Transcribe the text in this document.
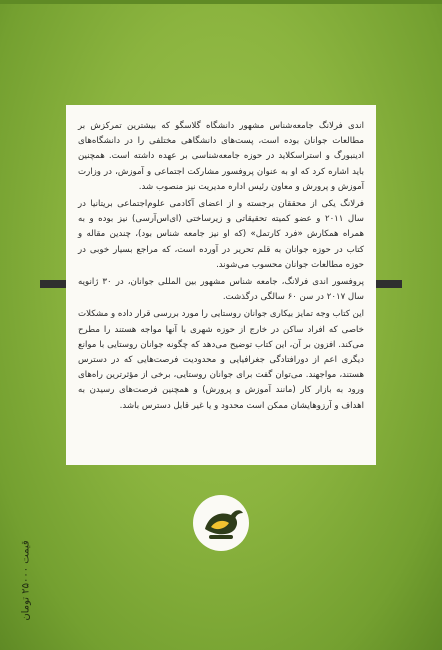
اندی فرلانگ جامعه‌شناس مشهور دانشگاه گلاسگو که بیشترین تمرکزش بر مطالعات جوانان بوده است، پست‌های دانشگاهی مختلفی را در دانشگاه‌های ادینبورگ و استراسکلاید در حوزه جامعه‌شناسی بر عهده داشته است. همچنین باید اشاره کرد که او به عنوان پروفسور مشارکت اجتماعی و آموزش، در وزارت آموزش و پرورش و معاون رئیس اداره مدیریت نیز منصوب شد.

فرلانگ یکی از محققان برجسته و از اعضای آکادمی علوم‌اجتماعی بریتانیا در سال ۲۰۱۱ و عضو کمیته تحقیقاتی و زیرساختی (ای‌اس‌آرسی) نیز بوده و به همراه همکارش «فرد کارتمل» (که او نیز جامعه شناس بود)، چندین مقاله و کتاب در حوزه جوانان به قلم تحریر در آورده است، که مراجع بسیار خوبی در حوزه مطالعات جوانان محسوب می‌شوند.

پروفسور اندی فرلانگ، جامعه شناس مشهور بین المللی جوانان، در ۳۰ ژانویه سال ۲۰۱۷ در سن ۶۰ سالگی درگذشت.

این کتاب وجه تمایز بیکاری جوانان روستایی را مورد بررسی قرار داده و مشکلات خاصی که افراد ساکن در خارج از حوزه شهری با آنها مواجه هستند را مطرح می‌کند. افزون بر آن، این کتاب توضیح می‌دهد که چگونه جوانان روستایی با موانع دیگری اعم از دورافتادگی جغرافیایی و محدودیت فرصت‌هایی که در دسترس هستند، مواجهند. می‌توان گفت برای جوانان روستایی، برخی از مؤثرترین راه‌های ورود به بازار کار (مانند آموزش و پرورش) و همچنین فرصت‌های رسیدن به اهداف و آرزوهایشان ممکن است محدود و یا غیر قابل دسترس باشد.

قیمت ۲۵۰۰۰ تومان
